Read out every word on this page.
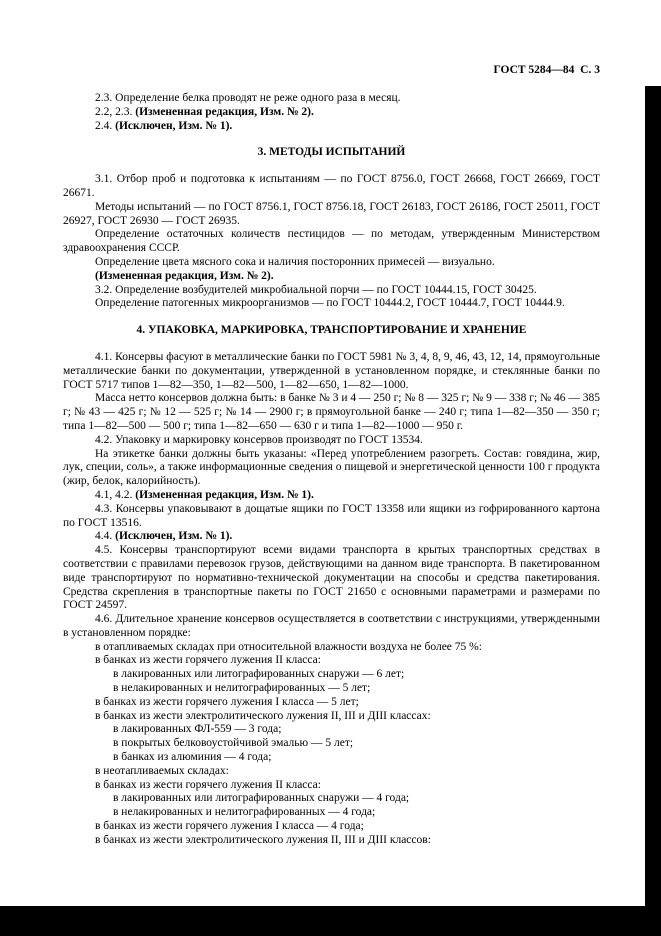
ГОСТ 5284—84  С. 3

2.3. Определение белка проводят не реже одного раза в месяц.

2.2, 2.3. (Измененная редакция, Изм. № 2).

2.4. (Исключен, Изм. № 1).

3. МЕТОДЫ ИСПЫТАНИЙ

3.1. Отбор проб и подготовка к испытаниям — по ГОСТ 8756.0, ГОСТ 26668, ГОСТ 26669, ГОСТ 26671.

Методы испытаний — по ГОСТ 8756.1, ГОСТ 8756.18, ГОСТ 26183, ГОСТ 26186, ГОСТ 25011, ГОСТ 26927, ГОСТ 26930 — ГОСТ 26935.

Определение остаточных количеств пестицидов — по методам, утвержденным Министерством здравоохранения СССР.

Определение цвета мясного сока и наличия посторонних примесей — визуально.

(Измененная редакция, Изм. № 2).

3.2. Определение возбудителей микробиальной порчи — по ГОСТ 10444.15, ГОСТ 30425.

Определение патогенных микроорганизмов — по ГОСТ 10444.2, ГОСТ 10444.7, ГОСТ 10444.9.

4. УПАКОВКА, МАРКИРОВКА, ТРАНСПОРТИРОВАНИЕ И ХРАНЕНИЕ

4.1. Консервы фасуют в металлические банки по ГОСТ 5981 № 3, 4, 8, 9, 46, 43, 12, 14, прямоугольные металлические банки по документации, утвержденной в установленном порядке, и стеклянные банки по ГОСТ 5717 типов 1—82—350, 1—82—500, 1—82—650, 1—82—1000.

Масса нетто консервов должна быть: в банке № 3 и 4 — 250 г; № 8 — 325 г; № 9 — 338 г; № 46 — 385 г; № 43 — 425 г; № 12 — 525 г; № 14 — 2900 г; в прямоугольной банке — 240 г; типа 1—82—350 — 350 г; типа 1—82—500 — 500 г; типа 1—82—650 — 630 г и типа 1—82—1000 — 950 г.

4.2. Упаковку и маркировку консервов производят по ГОСТ 13534.

На этикетке банки должны быть указаны: «Перед употреблением разогреть. Состав: говядина, жир, лук, специи, соль», а также информационные сведения о пищевой и энергетической ценности 100 г продукта (жир, белок, калорийность).

4.1, 4.2. (Измененная редакция, Изм. № 1).

4.3. Консервы упаковывают в дощатые ящики по ГОСТ 13358 или ящики из гофрированного картона по ГОСТ 13516.

4.4. (Исключен, Изм. № 1).

4.5. Консервы транспортируют всеми видами транспорта в крытых транспортных средствах в соответствии с правилами перевозок грузов, действующими на данном виде транспорта. В пакетированном виде транспортируют по нормативно-технической документации на способы и средства пакетирования. Средства скрепления в транспортные пакеты по ГОСТ 21650 с основными параметрами и размерами по ГОСТ 24597.

4.6. Длительное хранение консервов осуществляется в соответствии с инструкциями, утвержденными в установленном порядке:

в отапливаемых складах при относительной влажности воздуха не более 75 %:

в банках из жести горячего лужения II класса:

в лакированных или литографированных снаружи — 6 лет;

в нелакированных и нелитографированных — 5 лет;

в банках из жести горячего лужения I класса — 5 лет;

в банках из жести электролитического лужения II, III и ДIII классах:

в лакированных ФЛ-559 — 3 года;

в покрытых белковоустойчивой эмалью — 5 лет;

в банках из алюминия — 4 года;

в неотапливаемых складах:

в банках из жести горячего лужения II класса:

в лакированных или литографированных снаружи — 4 года;

в нелакированных и нелитографированных — 4 года;

в банках из жести горячего лужения I класса — 4 года;

в банках из жести электролитического лужения II, III и ДIII классов:
